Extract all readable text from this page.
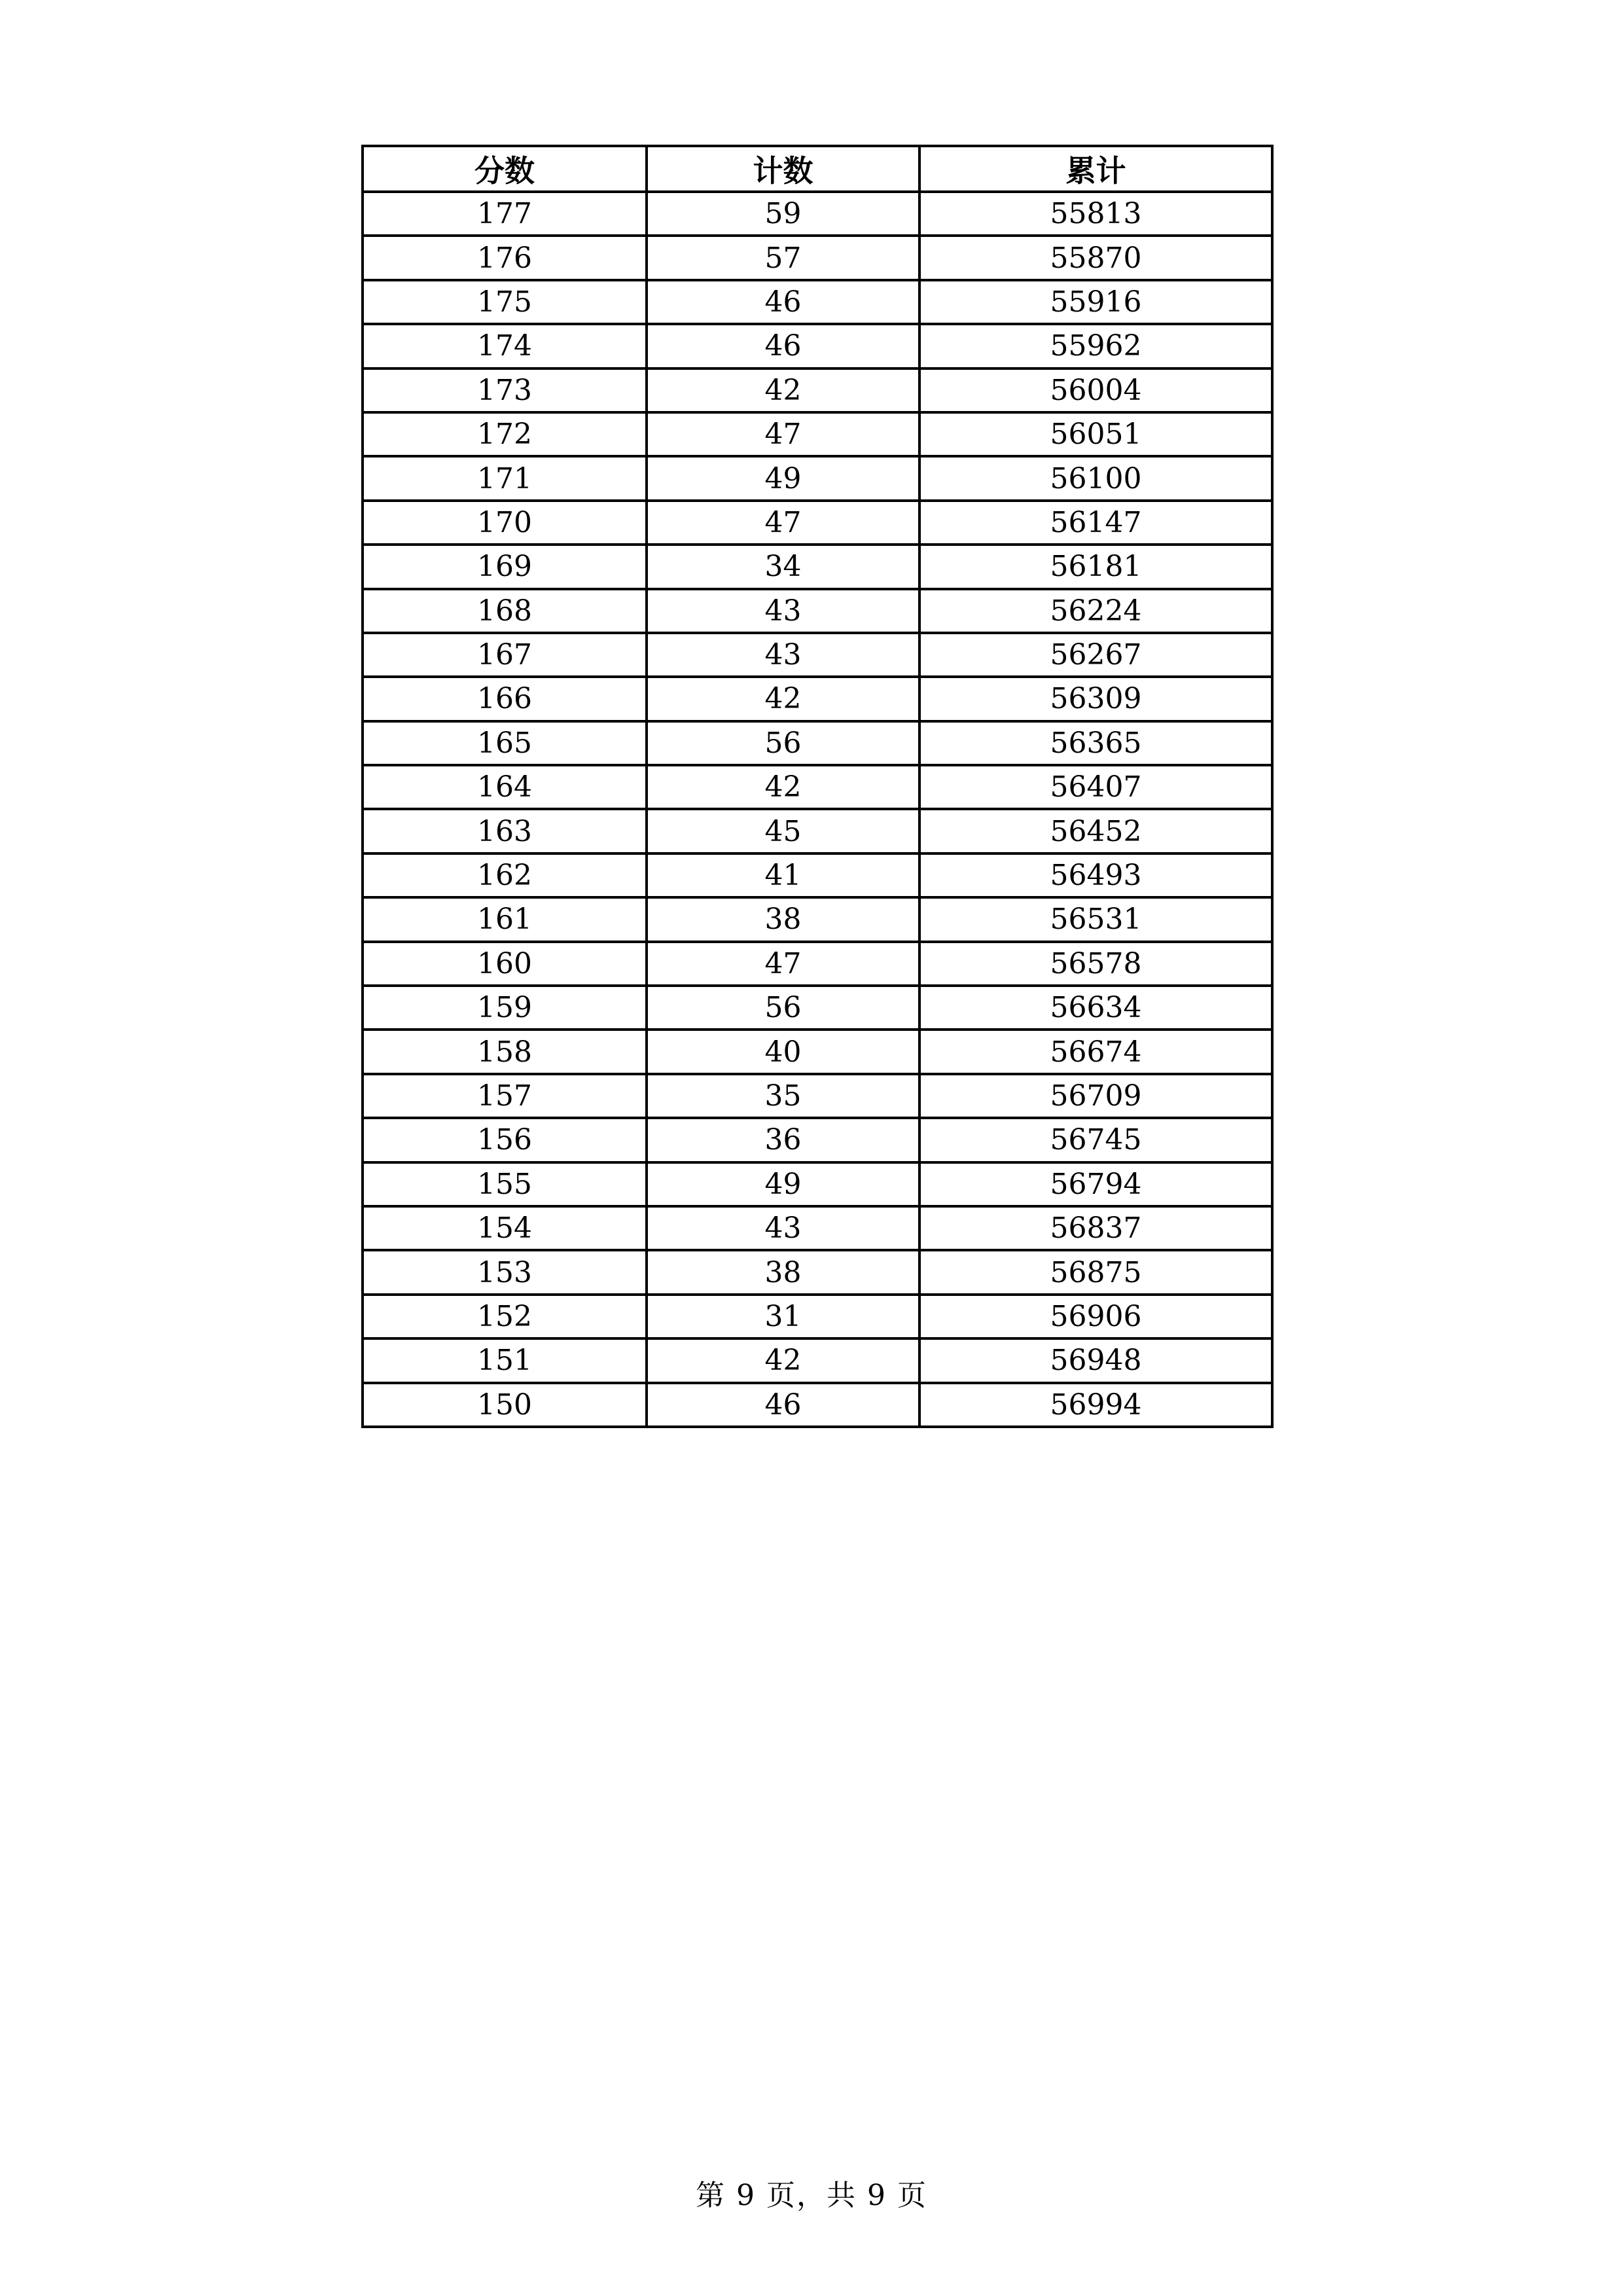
分数	计数	累计
177	59	55813
176	57	55870
175	46	55916
174	46	55962
173	42	56004
172	47	56051
171	49	56100
170	47	56147
169	34	56181
168	43	56224
167	43	56267
166	42	56309
165	56	56365
164	42	56407
163	45	56452
162	41	56493
161	38	56531
160	47	56578
159	56	56634
158	40	56674
157	35	56709
156	36	56745
155	49	56794
154	43	56837
153	38	56875
152	31	56906
151	42	56948
150	46	56994
第 9 页，共 9 页
